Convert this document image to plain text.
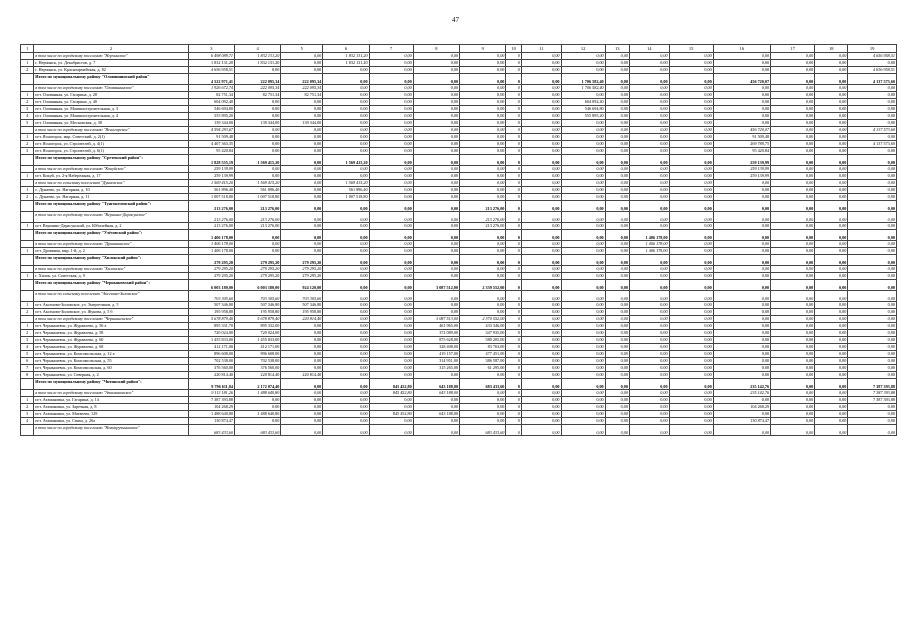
47
1	2	3	4	5	6	7	8	9	10	11	12	13	14	15	16	17	18	19
	в том числе по городскому поселению "Нерчинское"	6 498 089,71	1 832 131,20	0,00	1 832 131,20	0,00	0,00	0,00	0	0,00	0,00	0,00	0,00	0,00	0,00	0,00	0,00	4 656 958,51
1	г. Нерчинск, ул. Декабристов, д. 7	1 832 131,20	1 832 131,20	0,00	1 832 131,20	0,00	0,00	0,00	0	0,00	0,00	0,00	0,00	0,00	0,00	0,00	0,00	0,00
2	г. Нерчинск, ул. Красноармейская, д. 82	4 656 958,51	0,00	0,00	0,00	0,00	0,00	0,00	0	0,00	0,00	0,00	0,00	0,00	0,00	0,00	0,00	4 656 958,51
	Итого по муниципальному району "Оловяннинский район"	4 522 971,41	222 095,34	222 095,34	0,00	0,00	0,00	0,00	0	0,00	1 706 582,40	0,00	0,00	0,00	456 720,07	0,00	0,00	4 137 573,60
	в том числе по городскому поселению "Оловяннинское"	1 926 672,74	222 095,34	222 095,34	0,00	0,00	0,00	0,00	0	0,00	1 706 582,40	0,00	0,00	0,00	0,00	0,00	0,00	0,00
1	пгт. Оловянная, ул. Гагарина, д. 28	82 751,34	82 751,34	82 751,34	0,00	0,00	0,00	0,00	0	0,00	0,00	0,00	0,00	0,00	0,00	0,00	0,00	0,00
2	пгт. Оловянная, ул. Гагарина, д. 40	604 092,40	0,00	0,00	0,00	0,00	0,00	0,00	0	0,00	604 092,40	0,00	0,00	0,00	0,00	0,00	0,00	0,00
3	пгт. Оловянная, ул. Машиностроительная, д. 3	546 694,80	0,00	0,00	0,00	0,00	0,00	0,00	0	0,00	546 694,80	0,00	0,00	0,00	0,00	0,00	0,00	0,00
4	пгт. Оловянная, ул. Машиностроительная, д. 4	555 895,20	0,00	0,00	0,00	0,00	0,00	0,00	0	0,00	555 895,20	0,00	0,00	0,00	0,00	0,00	0,00	0,00
5	пгт. Оловянная, ул. Московская, д. 38	139 344,00	139 344,00	139 344,00	0,00	0,00	0,00	0,00	0	0,00	0,00	0,00	0,00	0,00	0,00	0,00	0,00	0,00
	в том числе по городскому поселению "Ясногорское"	4 594 293,67	0,00	0,00	0,00	0,00	0,00	0,00	0	0,00	0,00	0,00	0,00	0,00	456 720,07	0,00	0,00	4 137 573,60
1	пгт. Ясногорск, мкр. Советский, д. 2(1)	91 509,48	0,00	0,00	0,00	0,00	0,00	0,00	0	0,00	0,00	0,00	0,00	0,00	91 509,48	0,00	0,00	0,00
2	пгт. Ясногорск, ул. Строителей, д. 4(1)	4 407 363,35	0,00	0,00	0,00	0,00	0,00	0,00	0	0,00	0,00	0,00	0,00	0,00	269 789,75	0,00	0,00	4 137 573,60
3	пгт. Ясногорск, ул. Строителей, д. 6(1)	95 420,84	0,00	0,00	0,00	0,00	0,00	0,00	0	0,00	0,00	0,00	0,00	0,00	95 420,84	0,00	0,00	0,00
	Итого по муниципальному району "Сретенский район":	1 828 555,19	1 569 415,20	0,00	1 569 415,20	0,00	0,00	0,00	0	0,00	0,00	0,00	0,00	0,00	259 139,99	0,00	0,00	0,00
	в том числе по городскому поселению "Кокуйское"	259 139,99	0,00	0,00	0,00	0,00	0,00	0,00	0	0,00	0,00	0,00	0,00	0,00	259 139,99	0,00	0,00	0,00
1	пгт. Кокуй, ул. 2-я Набережная, д. 17	259 139,99	0,00	0,00	0,00	0,00	0,00	0,00	0	0,00	0,00	0,00	0,00	0,00	259 139,99	0,00	0,00	0,00
	в том числе по сельскому поселению "Дунаевское"	1 569 415,20	1 569 415,20	0,00	1 569 415,20	0,00	0,00	0,00	0	0,00	0,00	0,00	0,00	0,00	0,00	0,00	0,00	0,00
1	с. Дунаево, ул. Нагорная, д. 10	561 896,40	561 896,40	0,00	561 896,40	0,00	0,00	0,00	0	0,00	0,00	0,00	0,00	0,00	0,00	0,00	0,00	0,00
2	с. Дунаево, ул. Нагорная, д. 11	1 007 518,80	1 007 518,80	0,00	1 007 518,80	0,00	0,00	0,00	0	0,00	0,00	0,00	0,00	0,00	0,00	0,00	0,00	0,00
	Итого по муниципальному району "Тунгокоченский район":	213 276,00	213 276,00	0,00	0,00	0,00	0,00	213 276,00	0	0,00	0,00	0,00	0,00	0,00	0,00	0,00	0,00	0,00
	в том числе по городскому поселению "Вершино-Дарасунское"	213 276,00	213 276,00	0,00	0,00	0,00	0,00	213 276,00	0	0,00	0,00	0,00	0,00	0,00	0,00	0,00	0,00	0,00
1	пгт. Вершино-Дарасунский, ул. Юбилейная, д. 2	213 276,00	213 276,00	0,00	0,00	0,00	0,00	213 276,00	0	0,00	0,00	0,00	0,00	0,00	0,00	0,00	0,00	0,00
	Итого по муниципальному району "Улётовский район":	1 406 178,00	0,00	0,00	0,00	0,00	0,00	0,00	0	0,00	0,00	0,00	1 406 178,00	0,00	0,00	0,00	0,00	0,00
	в том числе по городскому поселению "Дровянинское"	1 406 178,00	0,00	0,00	0,00	0,00	0,00	0,00	0	0,00	0,00	0,00	1 406 178,00	0,00	0,00	0,00	0,00	0,00
1	пгт. Дровяная, мкр. 1-й, д. 2	1 406 178,00	0,00	0,00	0,00	0,00	0,00	0,00	0	0,00	0,00	0,00	1 406 178,00	0,00	0,00	0,00	0,00	0,00
	Итого по муниципальному району "Хилокский район":	279 295,20	279 295,20	279 295,20	0,00	0,00	0,00	0,00	0	0,00	0,00	0,00	0,00	0,00	0,00	0,00	0,00	0,00
	в том числе по городскому поселению "Хилокское"	279 295,20	279 295,20	279 295,20	0,00	0,00	0,00	0,00	0	0,00	0,00	0,00	0,00	0,00	0,00	0,00	0,00	0,00
1	г. Хилок, ул. Советская, д. 9	279 295,20	279 295,20	279 295,20	0,00	0,00	0,00	0,00	0	0,00	0,00	0,00	0,00	0,00	0,00	0,00	0,00	0,00
	Итого по муниципальному району "Чернышевский район":	6 003 180,00	6 003 180,00	924 120,00	0,00	0,00	3 087 512,00	2 339 552,00	0	0,00	0,00	0,00	0,00	0,00	0,00	0,00	0,00	0,00
	в том числе по сельскому поселению "Аксеново-Зиловское"	703 305,60	703 305,60	703 305,60	0,00	0,00	0,00	0,00	0	0,00	0,00	0,00	0,00	0,00	0,00	0,00	0,00	0,00
1	пгт. Аксеново-Зиловское, ул. Энергетиков, д. 5	507 346,80	507 346,80	507 346,80	0,00	0,00	0,00	0,00	0	0,00	0,00	0,00	0,00	0,00	0,00	0,00	0,00	0,00
2	пгт. Аксеново-Зиловское, ул. Жукова, д. 5 б	195 958,80	195 958,80	195 958,80	0,00	0,00	0,00	0,00	0	0,00	0,00	0,00	0,00	0,00	0,00	0,00	0,00	0,00
	в том числе по городскому поселению "Чернышевское"	5 678 879,40	5 678 879,40	220 814,40	0,00	0,00	3 087 513,00	2 370 552,00	0	0,00	0,00	0,00	0,00	0,00	0,00	0,00	0,00	0,00
1	пгт. Чернышевск, ул. Журавлева, д. 56 а	895 331,70	895 332,00	0,00	0,00	0,00	461 965,00	433 346,00	0	0,00	0,00	0,00	0,00	0,00	0,00	0,00	0,00	0,00
2	пгт. Чернышевск, ул. Журавлева, д. 58	720 024,00	720 024,00	0,00	0,00	0,00	372 089,00	347 935,00	0	0,00	0,00	0,00	0,00	0,00	0,00	0,00	0,00	0,00
3	пгт. Чернышевск, ул. Журавлева, д. 60	1 455 833,00	1 455 833,00	0,00	0,00	0,00	875 628,00	580 205,00	0	0,00	0,00	0,00	0,00	0,00	0,00	0,00	0,00	0,00
4	пгт. Чернышевск, ул. Журавлева, д. 68	412 171,00	412 171,00	0,00	0,00	0,00	328 408,00	83 763,00	0	0,00	0,00	0,00	0,00	0,00	0,00	0,00	0,00	0,00
5	пгт. Чернышевск, ул. Комсомольская, д. 12 а	896 608,00	896 608,00	0,00	0,00	0,00	419 157,00	477 451,00	0	0,00	0,00	0,00	0,00	0,00	0,00	0,00	0,00	0,00
6	пгт. Чернышевск, ул. Комсомольская, д. 55	702 538,00	702 538,00	0,00	0,00	0,00	314 951,00	386 587,00	0	0,00	0,00	0,00	0,00	0,00	0,00	0,00	0,00	0,00
7	пгт. Чернышевск, ул. Комсомольская, д. 60	376 560,00	376 560,00	0,00	0,00	0,00	315 265,00	61 295,00	0	0,00	0,00	0,00	0,00	0,00	0,00	0,00	0,00	0,00
8	пгт. Чернышевск, ул. Северная, д. 2	220 814,40	220 814,40	220 814,40	0,00	0,00	0,00	0,00	0	0,00	0,00	0,00	0,00	0,00	0,00	0,00	0,00	0,00
	Итого по муниципальному району "Читинский район":	9 796 611,04	2 172 074,40	0,00	0,00	845 452,80	643 188,00	683 433,60	0	0,00	0,00	0,00	0,00	0,00	235 142,76	0,00	0,00	7 387 393,88
	в том числе по городскому поселению "Атамановское"	9 113 181,26	1 488 640,80	0,00	0,00	845 452,80	643 188,00	0,00	0	0,00	0,00	0,00	0,00	0,00	235 142,76	0,00	0,00	7 387 393,88
1	пгт. Атамановка, ул. Гагарина, д. 14	7 387 393,88	0,00	0,00	0,00	0,00	0,00	0,00	0	0,00	0,00	0,00	0,00	0,00	0,00	0,00	0,00	7 387 393,88
2	пгт. Атамановка, ул. Заречная, д. 8	104 268,29	0,00	0,00	0,00	0,00	0,00	0,00	0	0,00	0,00	0,00	0,00	0,00	104 268,29	0,00	0,00	0,00
3	пгт. Атамановка, ул. Матвеева, 129	1 488 640,80	1 488 640,80	0,00	0,00	845 452,80	643 188,00	0,00	0	0,00	0,00	0,00	0,00	0,00	0,00	0,00	0,00	0,00
4	пгт. Атамановка, ул. Связи, д. 26а	130 874,47	0,00	0,00	0,00	0,00	0,00	0,00	0	0,00	0,00	0,00	0,00	0,00	130 874,47	0,00	0,00	0,00
	в том числе по городскому поселению "Новокручининское"	683 433,60	683 433,60	0,00	0,00	0,00	0,00	683 433,60	0	0,00	0,00	0,00	0,00	0,00	0,00	0,00	0,00	0,00
